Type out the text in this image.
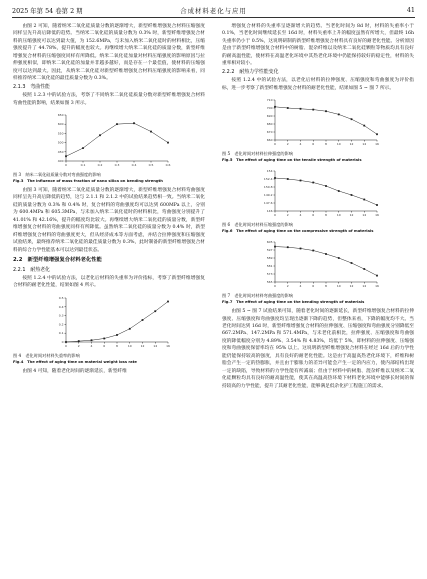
2025 年第 54 卷第 2 期	合成材料老化与应用	41

由图 2 可知，随着纳米二氧化硅质量分数的逐渐增大，新型纤维增强复合材料压缩强度同样呈先升高后降低的趋势。当纳米二氧化硅的质量分数为 0.3% 时，新型纤维增强复合材料的压缩强度可以达到最大值，为 152.6MPa，与未加入纳米二氧化硅时的材料相比，压缩强度提升了 44.78%，提升的幅度也较大。再继续增大纳米二氧化硅的质量分数，新型纤维增强复合材料的压缩强度同样有所降低。纳米二氧化硅加量对材料压缩强度的影响原因与拉伸强度相似，即纳米二氧化硅的加量并非越多越好，而是存在一个最佳值，使材料的压缩强度可以达到最大。因此，从纳米二氧化硅对新型纤维增强复合材料压缩强度的影响来看，同样推荐纳米二氧化硅的最佳质量分数为 0.3%。

2.1.3　弯曲性能

按照 1.2.3 中的试验方法，考察了不同纳米二氧化硅质量分数对新型纤维增强复合材料弯曲性能的影响，结果如图 3 所示。

0	0.1	0.2	0.3	0.4	0.5	0.6
400
450
500
550
600
650

图 3　纳米二氧化硅质量分数对弯曲强度的影响

Fig.3　The influence of mass fraction of nano silica on bending strength

由图 3 可知，随着纳米二氧化硅质量分数的逐渐增大，新型纤维增强复合材料弯曲强度同样呈先升高后降低的趋势，这与 2.1.1 和 2.1.2 中的试验结果趋势相一致。当纳米二氧化硅的质量分数为 0.3% 和 0.4% 时，复合材料的弯曲强度均可以达到 600MPa 以上，分别为 600.4MPa 和 605.3MPa，与未加入纳米二氧化硅时的材料相比，弯曲强度分别提升了 41.01% 和 42.16%，提升的幅度均比较大。再继续增大纳米二氧化硅的质量分数，新型纤维增强复合材料的弯曲强度同样有所降低。虽然纳米二氧化硅的质量分数为 0.4% 时，新型纤维增强复合材料的弯曲强度更大，但从经济成本等方面考虑，并结合拉伸强度和压缩强度试验结果，最终推荐纳米二氧化硅的最佳质量分数为 0.3%，此时制备的新型纤维增强复合材料的综合力学性能基本可以达到最佳状态。

2.2　新型纤维增强复合材料老化性能

2.2.1　耐热老化

按照 1.2.4 中的试验方法，以老化后材料的失重率为评价指标，考察了新型纤维增强复合材料的耐老化性能，结果如图 4 所示。

0	2	4	6	8	10	12	14	16
0
0.1
0.2
0.3
0.4
0.5

图 4　老化时间对材料失重率的影响

Fig.4　The effect of aging time on material weight loss rate

由图 4 可知，随着老化时间的逐渐延长，新型纤维

增强复合材料的失重率呈逐渐增大的趋势。当老化时间为 8d 时，材料的失重率小于 0.1%，当老化时间继续延长至 16d 时，材料失重率上升的幅度虽然有所增大，但最终 16h 失重率仍小于 0.5%，这说明研制的新型纤维增强复合材料具有良好的耐老化性能。分析原因是由于新型纤维增强复合材料中的树脂、混杂纤维以及纳米二氧化硅颗粒等物质均具有良好的耐高温性能，使材料在高温老化环境中其热老化环境中仍能保持较好的稳定性，材料的失重率相对较小。

2.2.2　耐热力学性能变化

按照 1.2.4 中的试验方法，以老化后材料的拉伸强度、压缩强度和弯曲强度为评价指标，进一步考察了新型纤维增强复合材料的耐老化性能，结果如图 5 ~ 图 7 所示。

0	2	4	6	8	10	12	14	16
660
670
680
690
700
710

图 5　老化时间对材料拉伸强度的影响

Fig.5　The effect of aging time on the tensile strength of materials

0	2	4	6	8	10	12	14	16
146
147.6
149.2
150.8
152.4
154

图 6　老化时间对材料压缩强度的影响

Fig.6　The effect of aging time on the compressive strength of materials

0	2	4	6	8	10	12	14	16
565
573
581
589
597
605

图 7　老化时间对材料弯曲强度的影响

Fig.7　The effect of aging time on the bending strength of materials

由图 5 ~ 图 7 试验结果可知，随着老化时间的逐渐延长，新型纤维增强复合材料的拉伸强度、压缩强度和弯曲强度均呈现出逐渐下降的趋势，但整体来看，下降的幅度均不大。当老化时间达到 16d 时，新型纤维增强复合材料的拉伸强度、压缩强度和弯曲强度分别降低至 667.2MPa、147.2MPa 和 571.4MPa，与未老化前相比，拉伸强度、压缩强度和弯曲强度的降低幅度分别为 4.89%、3.54% 和 4.83%，均低于 5%，即材料的拉伸强度、压缩强度和弯曲强度保留率均在 95% 以上。这说明新型纤维增强复合材料在经过 16d 后的力学性能仍能保持较高的强度，具有良好的耐老化性能。这是由于高温高热老化环境下，纤维和树脂会产生一定的热膨胀，并且由于膨胀力的差异可能会产生一定的内应力，使内部结构出现一定的缺陷，导致材料的力学性能有所减弱；但由于材料中的树脂、混杂纤维以及纳米二氧化硅颗粒均具有良好的耐高温性能，使其在高温高热环境下材料老化环境中能够长时间的保持较高的力学性能，提升了其耐老化性能，能够满足低杂化护工程施工的需求。
